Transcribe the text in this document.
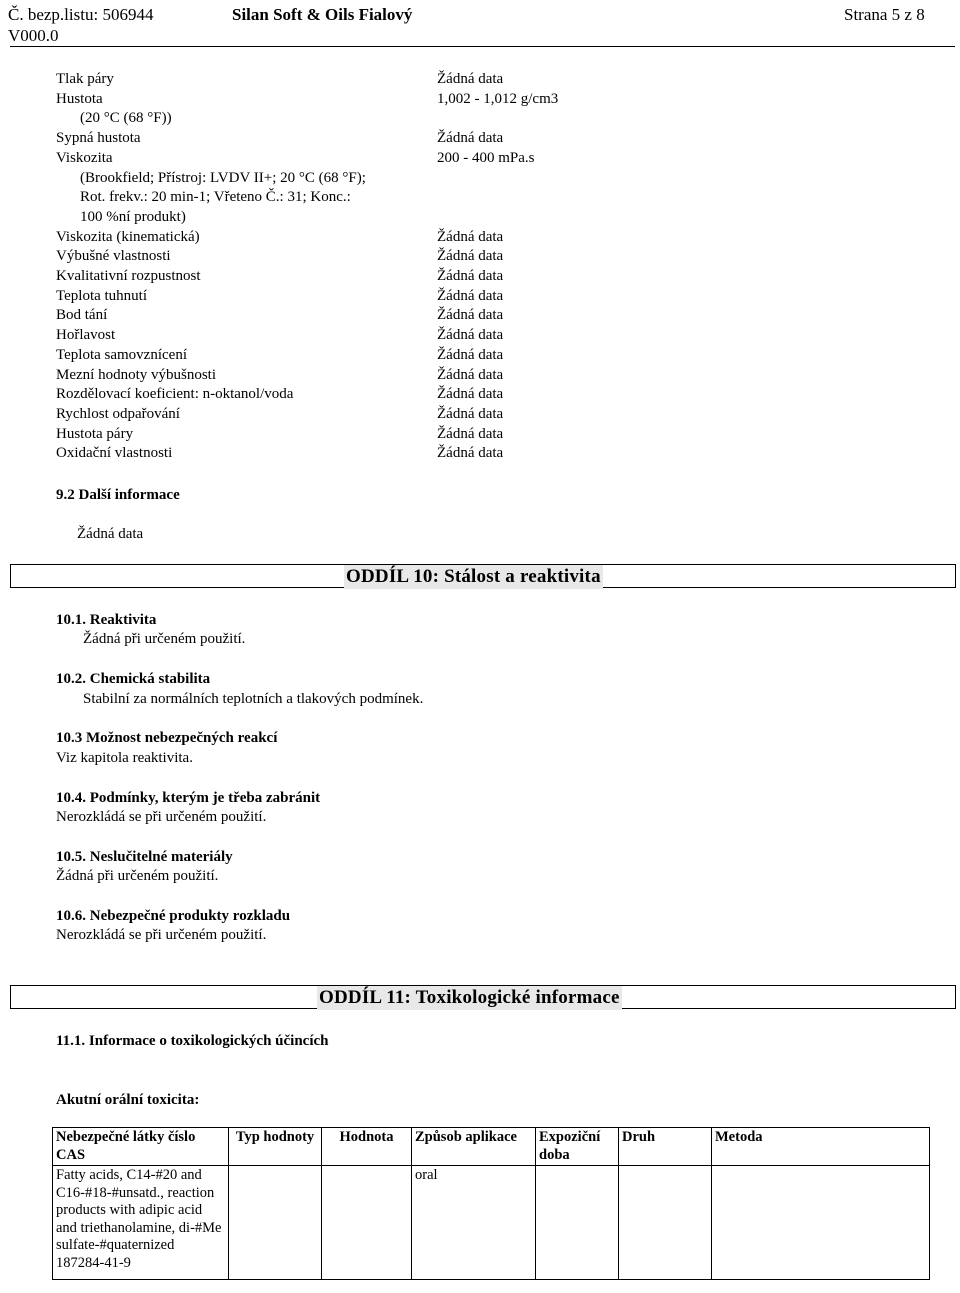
Č. bezp.listu: 506944	Silan Soft & Oils Fialový	Strana 5 z 8
V000.0
Tlak páry	Žádná data
Hustota	1,002 - 1,012 g/cm3
(20 °C (68 °F))
Sypná hustota	Žádná data
Viskozita	200 - 400 mPa.s
(Brookfield; Přístroj: LVDV II+; 20 °C (68 °F);
Rot. frekv.: 20 min-1; Vřeteno Č.: 31; Konc.:
100 %ní produkt)
Viskozita (kinematická)	Žádná data
Výbušné vlastnosti	Žádná data
Kvalitativní rozpustnost	Žádná data
Teplota tuhnutí	Žádná data
Bod tání	Žádná data
Hořlavost	Žádná data
Teplota samovznícení	Žádná data
Mezní hodnoty výbušnosti	Žádná data
Rozdělovací koeficient: n-oktanol/voda	Žádná data
Rychlost odpařování	Žádná data
Hustota páry	Žádná data
Oxidační vlastnosti	Žádná data
9.2 Další informace
Žádná data
ODDÍL 10: Stálost a reaktivita
10.1. Reaktivita
Žádná při určeném použití.
10.2. Chemická stabilita
Stabilní za normálních teplotních a tlakových podmínek.
10.3 Možnost nebezpečných reakcí
Viz kapitola reaktivita.
10.4. Podmínky, kterým je třeba zabránit
Nerozkládá se při určeném použití.
10.5. Neslučitelné materiály
Žádná při určeném použití.
10.6. Nebezpečné produkty rozkladu
Nerozkládá se při určeném použití.
ODDÍL 11: Toxikologické informace
11.1. Informace o toxikologických účincích
Akutní orální toxicita:
Nebezpečné látky číslo CAS	Typ hodnoty	Hodnota	Způsob aplikace	Expoziční doba	Druh	Metoda
Fatty acids, C14-#20 and C16-#18-#unsatd., reaction products with adipic acid and triethanolamine, di-#Me sulfate-#quaternized 187284-41-9			oral			
